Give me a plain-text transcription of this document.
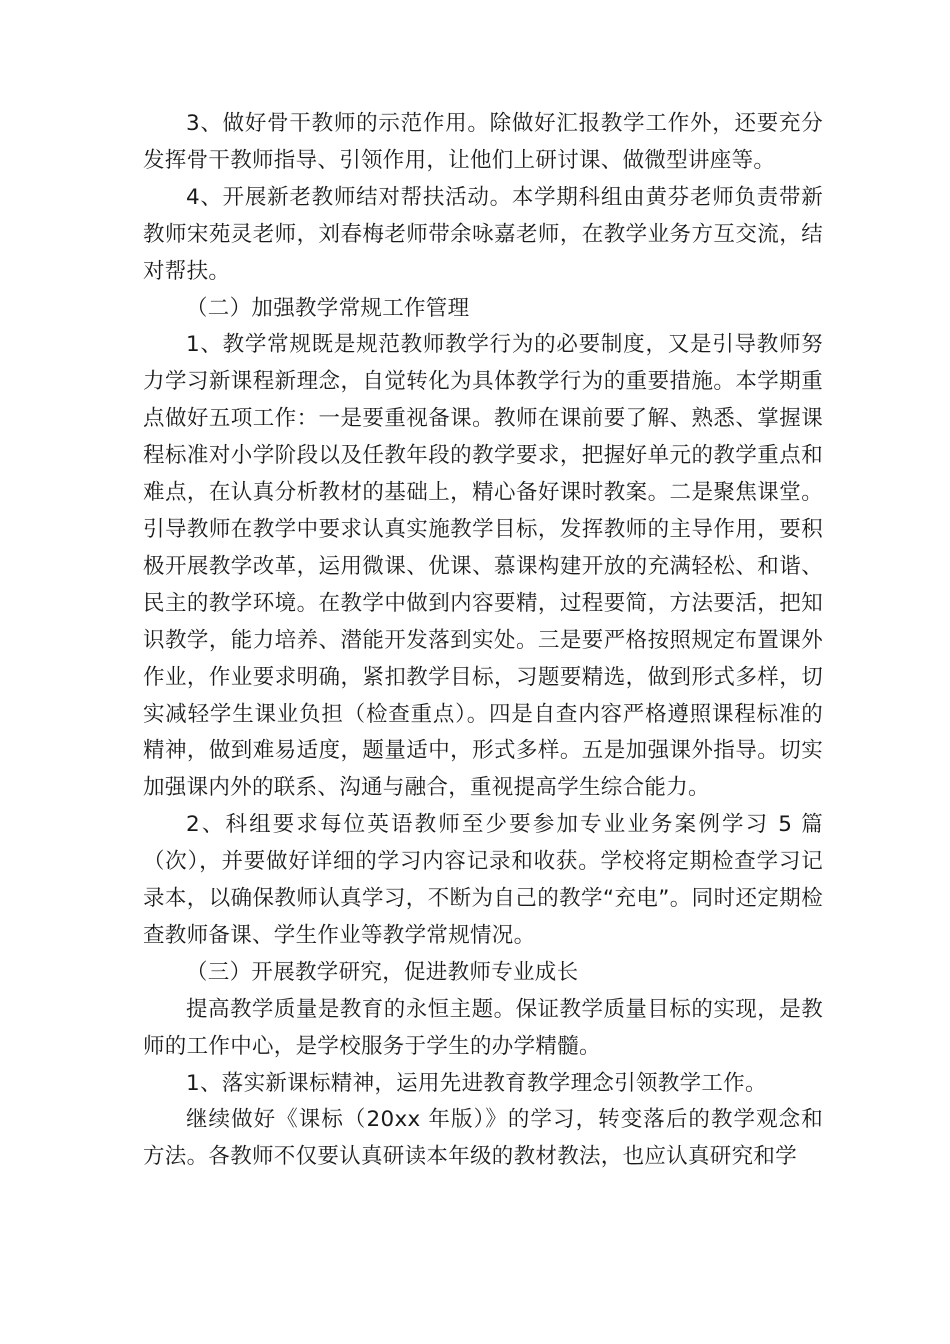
3、做好骨干教师的示范作用。除做好汇报教学工作外，还要充分发挥骨干教师指导、引领作用，让他们上研讨课、做微型讲座等。

4、开展新老教师结对帮扶活动。本学期科组由黄芬老师负责带新教师宋苑灵老师，刘春梅老师带余咏嘉老师，在教学业务方互交流，结对帮扶。

（二）加强教学常规工作管理

1、教学常规既是规范教师教学行为的必要制度，又是引导教师努力学习新课程新理念，自觉转化为具体教学行为的重要措施。本学期重点做好五项工作：一是要重视备课。教师在课前要了解、熟悉、掌握课程标准对小学阶段以及任教年段的教学要求，把握好单元的教学重点和难点，在认真分析教材的基础上，精心备好课时教案。二是聚焦课堂。引导教师在教学中要求认真实施教学目标，发挥教师的主导作用，要积极开展教学改革，运用微课、优课、慕课构建开放的充满轻松、和谐、民主的教学环境。在教学中做到内容要精，过程要简，方法要活，把知识教学，能力培养、潜能开发落到实处。三是要严格按照规定布置课外作业，作业要求明确，紧扣教学目标，习题要精选，做到形式多样，切实减轻学生课业负担（检查重点）。四是自查内容严格遵照课程标准的精神，做到难易适度，题量适中，形式多样。五是加强课外指导。切实加强课内外的联系、沟通与融合，重视提高学生综合能力。

2、科组要求每位英语教师至少要参加专业业务案例学习 5 篇（次），并要做好详细的学习内容记录和收获。学校将定期检查学习记录本，以确保教师认真学习，不断为自己的教学“充电”。同时还定期检查教师备课、学生作业等教学常规情况。

（三）开展教学研究，促进教师专业成长

提高教学质量是教育的永恒主题。保证教学质量目标的实现，是教师的工作中心，是学校服务于学生的办学精髓。

1、落实新课标精神，运用先进教育教学理念引领教学工作。

继续做好《课标（20xx 年版）》的学习，转变落后的教学观念和方法。各教师不仅要认真研读本年级的教材教法，也应认真研究和学
